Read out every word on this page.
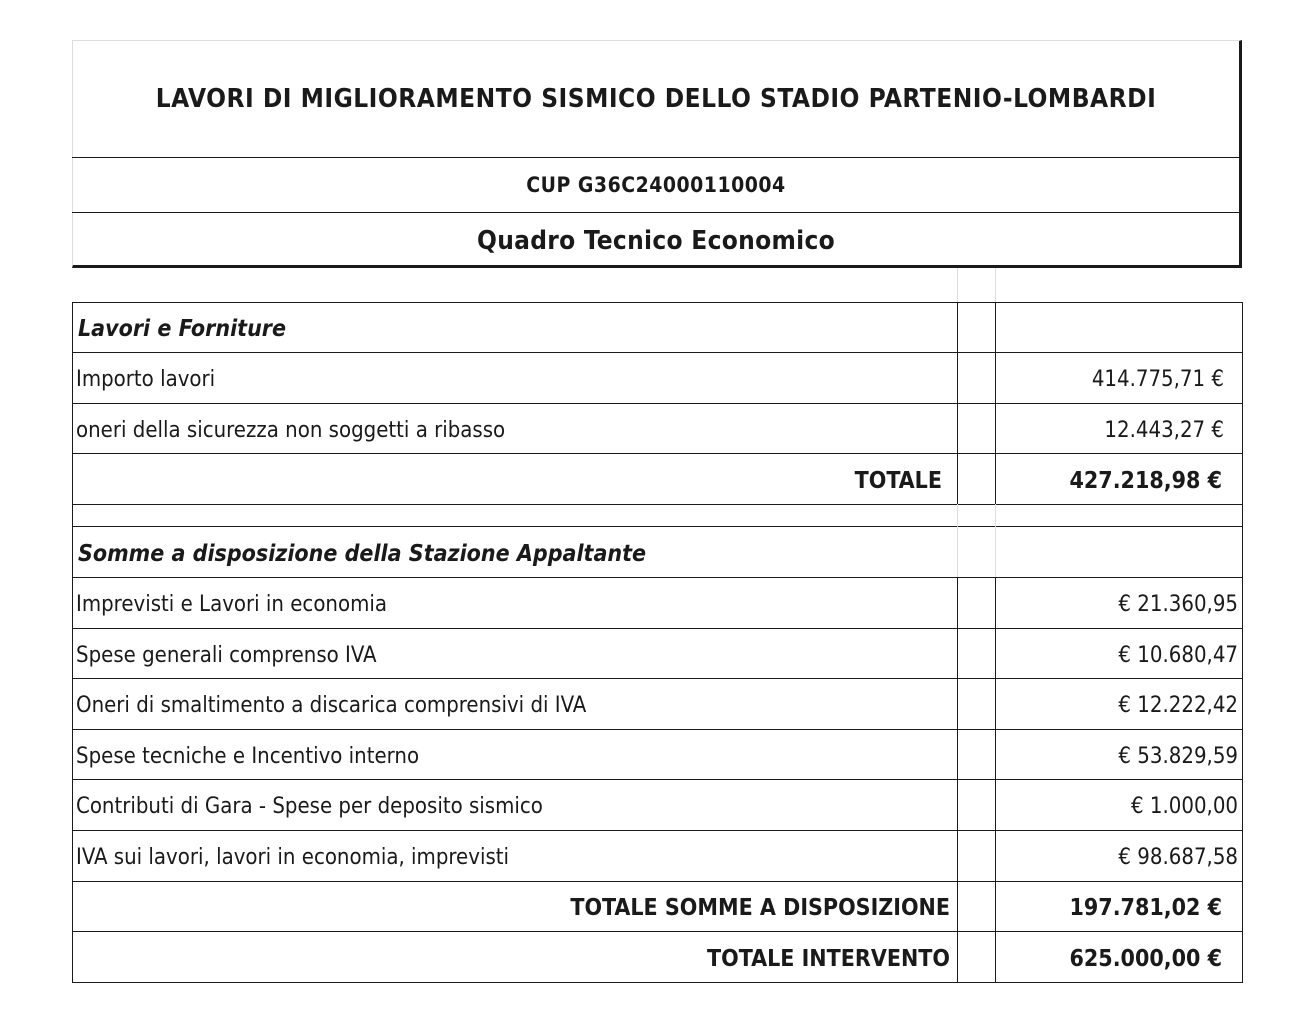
LAVORI DI MIGLIORAMENTO SISMICO DELLO STADIO PARTENIO-LOMBARDI
CUP G36C24000110004
Quadro Tecnico Economico
Lavori e Forniture
Importo lavori	414.775,71 €
oneri della sicurezza non soggetti a ribasso	12.443,27 €
TOTALE	427.218,98 €
Somme a disposizione della Stazione Appaltante
Imprevisti e Lavori in economia	€ 21.360,95
Spese generali comprenso IVA	€ 10.680,47
Oneri di smaltimento a discarica comprensivi di IVA	€ 12.222,42
Spese tecniche e Incentivo interno	€ 53.829,59
Contributi di Gara - Spese per deposito sismico	€ 1.000,00
IVA sui lavori, lavori in economia, imprevisti	€ 98.687,58
TOTALE SOMME A DISPOSIZIONE	197.781,02 €
TOTALE INTERVENTO	625.000,00 €
